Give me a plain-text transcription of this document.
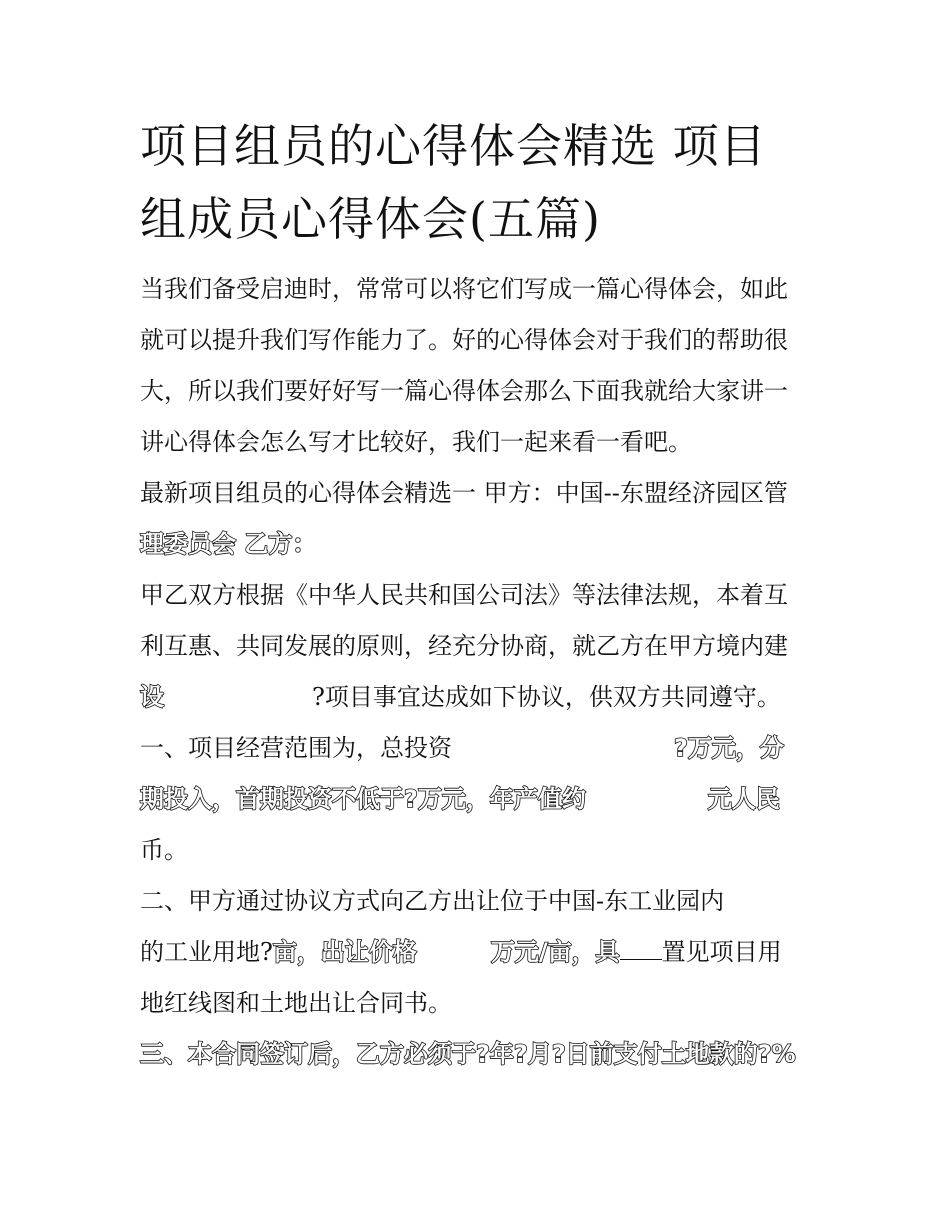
项目组员的心得体会精选 项目
组成员心得体会(五篇)

当我们备受启迪时，常常可以将它们写成一篇心得体会，如此
就可以提升我们写作能力了。好的心得体会对于我们的帮助很
大，所以我们要好好写一篇心得体会那么下面我就给大家讲一
讲心得体会怎么写才比较好，我们一起来看一看吧。

最新项目组员的心得体会精选一 甲方：中国--东盟经济园区管
理委员会 乙方：

甲乙双方根据《中华人民共和国公司法》等法律法规，本着互
利互惠、共同发展的原则，经充分协商，就乙方在甲方境内建
设	?项目事宜达成如下协议，供双方共同遵守。

一、项目经营范围为，总投资	?万元，分
期投入，首期投资不低于?万元，年产值约	元人民
币。

二、甲方通过协议方式向乙方出让位于中国-东工业园内
的工业用地?亩，出让价格	万元/亩，具 置见项目用
地红线图和土地出让合同书。

三、本合同签订后，乙方必须于?年?月?日前支付土地款的?%
